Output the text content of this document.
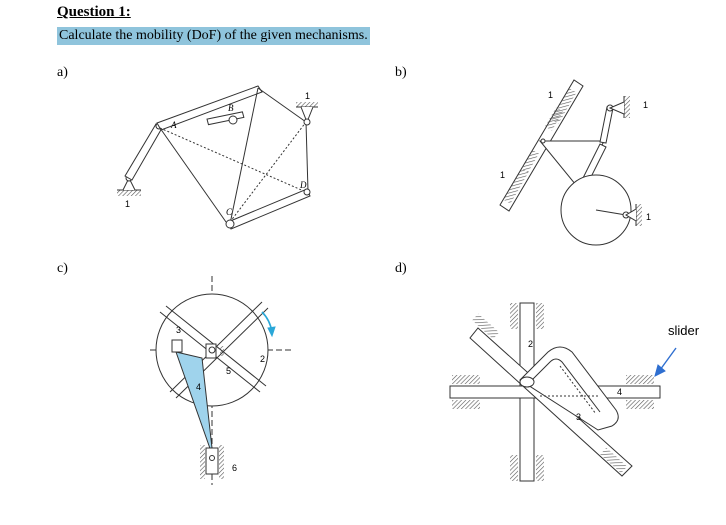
Question 1:
Calculate the mobility (DoF) of the given mechanisms.
a)	b)
c)	d)
A
B
C
D
1
1	1
1
1
1
3
4
5
2
6
2
3
4
slider
